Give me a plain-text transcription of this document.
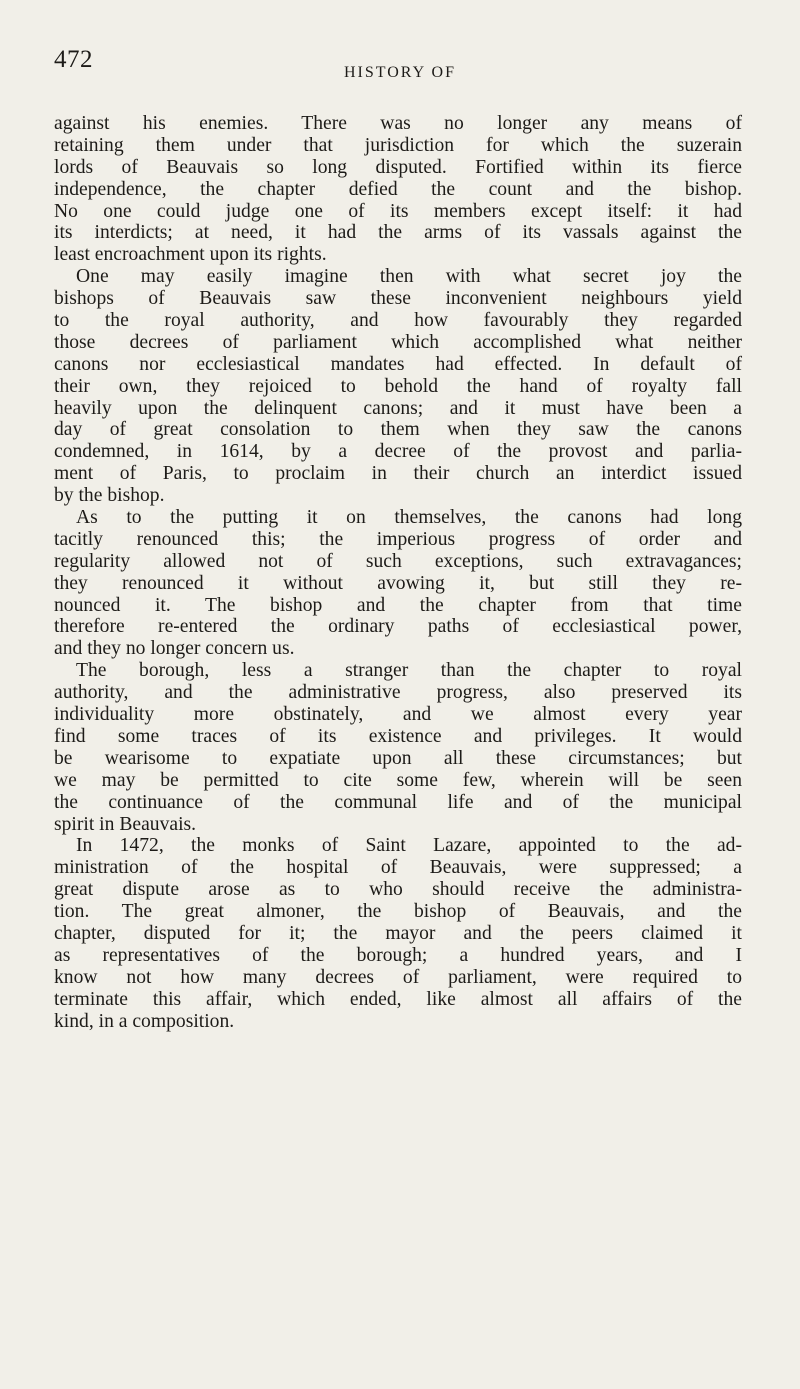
472	HISTORY OF
against his enemies. There was no longer any means of
retaining them under that jurisdiction for which the suzerain
lords of Beauvais so long disputed. Fortified within its fierce
independence, the chapter defied the count and the bishop.
No one could judge one of its members except itself: it had
its interdicts; at need, it had the arms of its vassals against the
least encroachment upon its rights.
One may easily imagine then with what secret joy the
bishops of Beauvais saw these inconvenient neighbours yield
to the royal authority, and how favourably they regarded
those decrees of parliament which accomplished what neither
canons nor ecclesiastical mandates had effected. In default of
their own, they rejoiced to behold the hand of royalty fall
heavily upon the delinquent canons; and it must have been a
day of great consolation to them when they saw the canons
condemned, in 1614, by a decree of the provost and parlia-
ment of Paris, to proclaim in their church an interdict issued
by the bishop.
As to the putting it on themselves, the canons had long
tacitly renounced this; the imperious progress of order and
regularity allowed not of such exceptions, such extravagances;
they renounced it without avowing it, but still they re-
nounced it. The bishop and the chapter from that time
therefore re-entered the ordinary paths of ecclesiastical power,
and they no longer concern us.
The borough, less a stranger than the chapter to royal
authority, and the administrative progress, also preserved its
individuality more obstinately, and we almost every year
find some traces of its existence and privileges. It would
be wearisome to expatiate upon all these circumstances; but
we may be permitted to cite some few, wherein will be seen
the continuance of the communal life and of the municipal
spirit in Beauvais.
In 1472, the monks of Saint Lazare, appointed to the ad-
ministration of the hospital of Beauvais, were suppressed; a
great dispute arose as to who should receive the administra-
tion. The great almoner, the bishop of Beauvais, and the
chapter, disputed for it; the mayor and the peers claimed it
as representatives of the borough; a hundred years, and I
know not how many decrees of parliament, were required to
terminate this affair, which ended, like almost all affairs of the
kind, in a composition.
